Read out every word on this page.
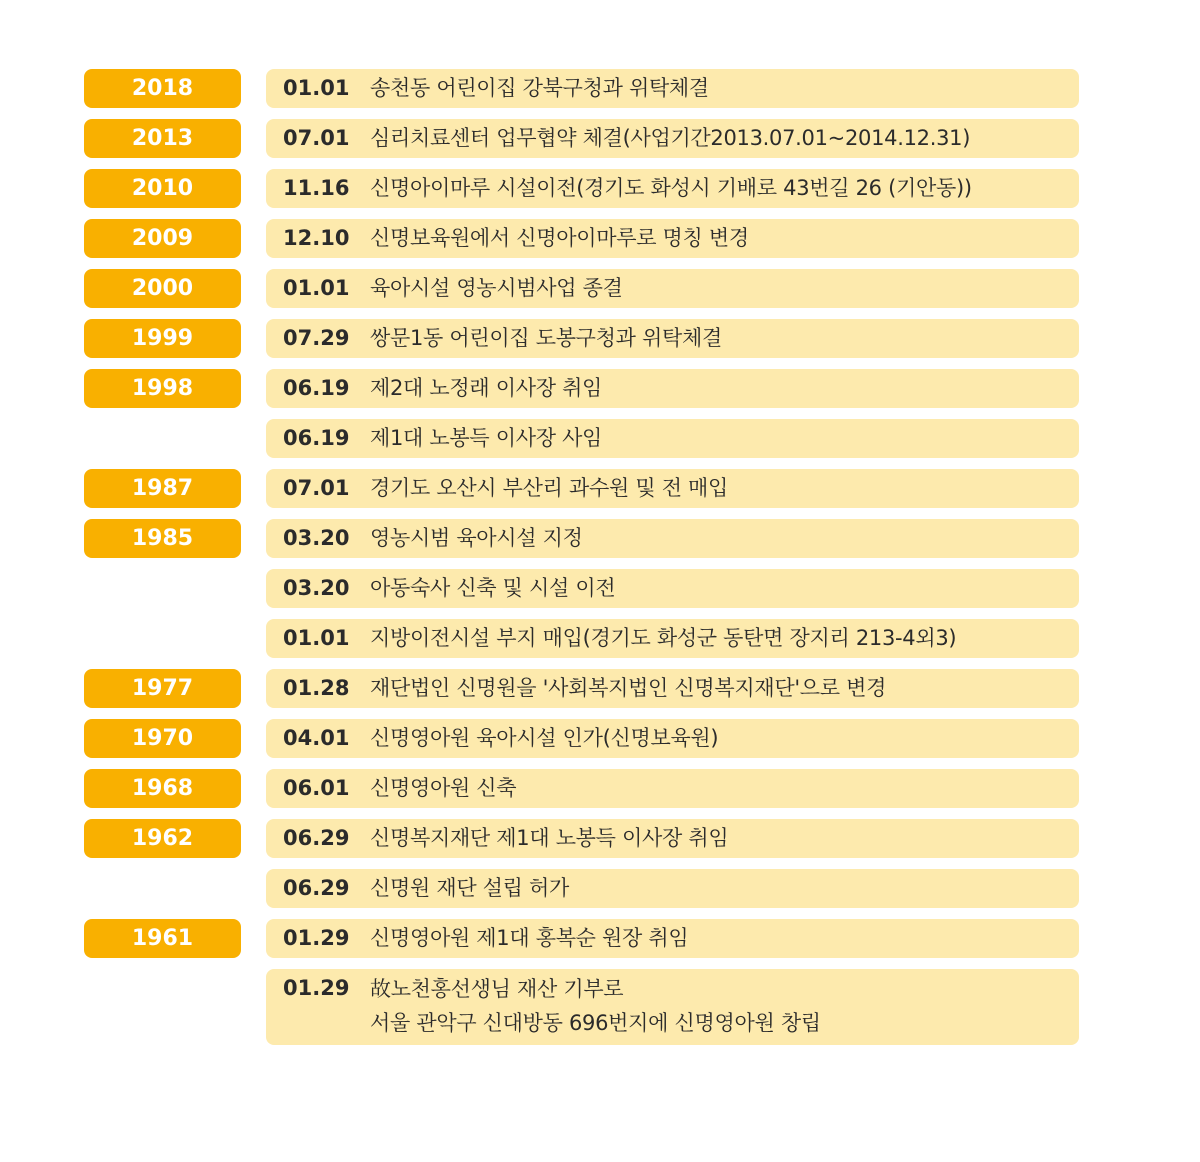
2018	01.01 송천동 어린이집 강북구청과 위탁체결
2013	07.01 심리치료센터 업무협약 체결(사업기간2013.07.01~2014.12.31)
2010	11.16 신명아이마루 시설이전(경기도 화성시 기배로 43번길 26 (기안동))
2009	12.10 신명보육원에서 신명아이마루로 명칭 변경
2000	01.01 육아시설 영농시범사업 종결
1999	07.29 쌍문1동 어린이집 도봉구청과 위탁체결
1998	06.19 제2대 노정래 이사장 취임
06.19 제1대 노봉득 이사장 사임
1987	07.01 경기도 오산시 부산리 과수원 및 전 매입
1985	03.20 영농시범 육아시설 지정
03.20 아동숙사 신축 및 시설 이전
01.01 지방이전시설 부지 매입(경기도 화성군 동탄면 장지리 213-4외3)
1977	01.28 재단법인 신명원을 '사회복지법인 신명복지재단'으로 변경
1970	04.01 신명영아원 육아시설 인가(신명보육원)
1968	06.01 신명영아원 신축
1962	06.29 신명복지재단 제1대 노봉득 이사장 취임
06.29 신명원 재단 설립 허가
1961	01.29 신명영아원 제1대 홍복순 원장 취임
01.29 故노천홍선생님 재산 기부로
서울 관악구 신대방동 696번지에 신명영아원 창립
